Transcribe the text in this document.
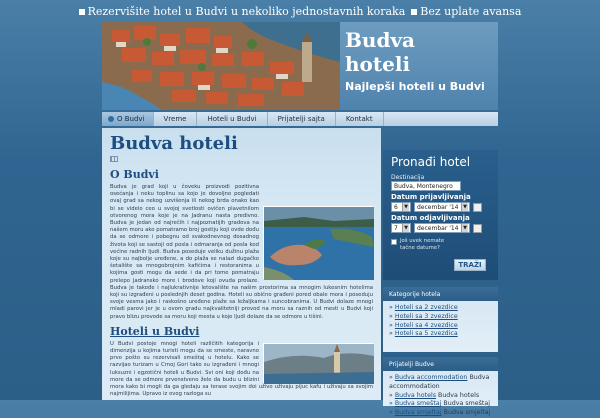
Rezervišite hotel u Budvi u nekoliko jednostavnih koraka	Bez uplate avansa
Budva
hoteli
Najlepši hoteli u Budvi
O Budvi	Vreme	Hoteli u Budvi	Prijatelji sajta	Kontakt
Budva hoteli
O Budvi

Budva je grad koji u čoveku proizvodi pozitivna osećanja i neku toplinu sa kojo je dovoljno pogledati ovaj grad sa nekog uzvišenja ili nekog brda onako kao bi se videlo ceo u svojoj svetlosti ovičen plavetnilom otvorenog mora koje je na Jadranu nasta predivno. Budva je jedan od najrečih i najpoznatijih gradova na našem moru ako pomatramo broj gostiju koji ovde dođu da se odmore i pobegnu od svakodnevnog dosadnog života koji se sastoji od posla i odmaranja od posla kod većine radnih ljudi. Budva poseduje veliku dužinu plaža koje su najbolje uređene, a do plaža se nalazi dugačko šetalište sa mnogobrojnim kafićima i restoranima u kojima gosti mogu da sede i da pri tome pomatraju prelepo Jadransko more i brodove koji ovuda prolaze. Budva je takođe i najlukrativnije letovalište na našim prostorima sa mnogim lukesnim hotelima koji su izgrađeni u poslednjih deset godina. Hoteli su obično građeni pored obale mora i poseduju svoje vesma jako i raskošno uređene plaže sa ležaljkama i suncobranima. U Budvi dolaze mnogi mladi parovi jer je u ovom gradu najkvalitetniji provod na moru sa raznih od mesti u Budvi koji pravo blizu provode sa moru koji mesta u koje ljudi dolaze da se odmore u tišini.

Hoteli u Budvi

U Budvi postoje mnogi hoteli različitih kategorija i dimenzija u kojima turisti mogu da se smeste, naravno prvo pošto su rezervisali smeštaj u hotelu. Kako se razvijao turizam u Crnoj Gori tako su izgrađeni i mnogi luksuzni i egzotični hoteli u Budvi. Svi oni koji dođu na more da se odmore prvenstveno žele da budu u blizini mora kako bi mogli da ga gledaju sa terase svojim doi uživo uživaju pijuc kafu i uživaju sa svojim najmilijima. Upravo iz ovog razloga su

Pronađi hotel
Destinacija
Budva, Montenegro
Datum prijavljivanja
6	▼ decembar '14 ▼
Datum odjavljivanja
7	▼ decembar '14 ▼
Još uvek nemate tačne datume?
TRAŽI
Kategorije hotela
» Hoteli sa 2 zvezdice
» Hoteli sa 3 zvezdice
» Hoteli sa 4 zvezdice
» Hoteli sa 5 zvezdica
Prijatelji Budve
» Budva accommodation Budva accommodation
» Budva hotels Budva hotels
» Budva smeštaj Budva smeštaj
» Budva smjeltaj Budva smjeltaj
